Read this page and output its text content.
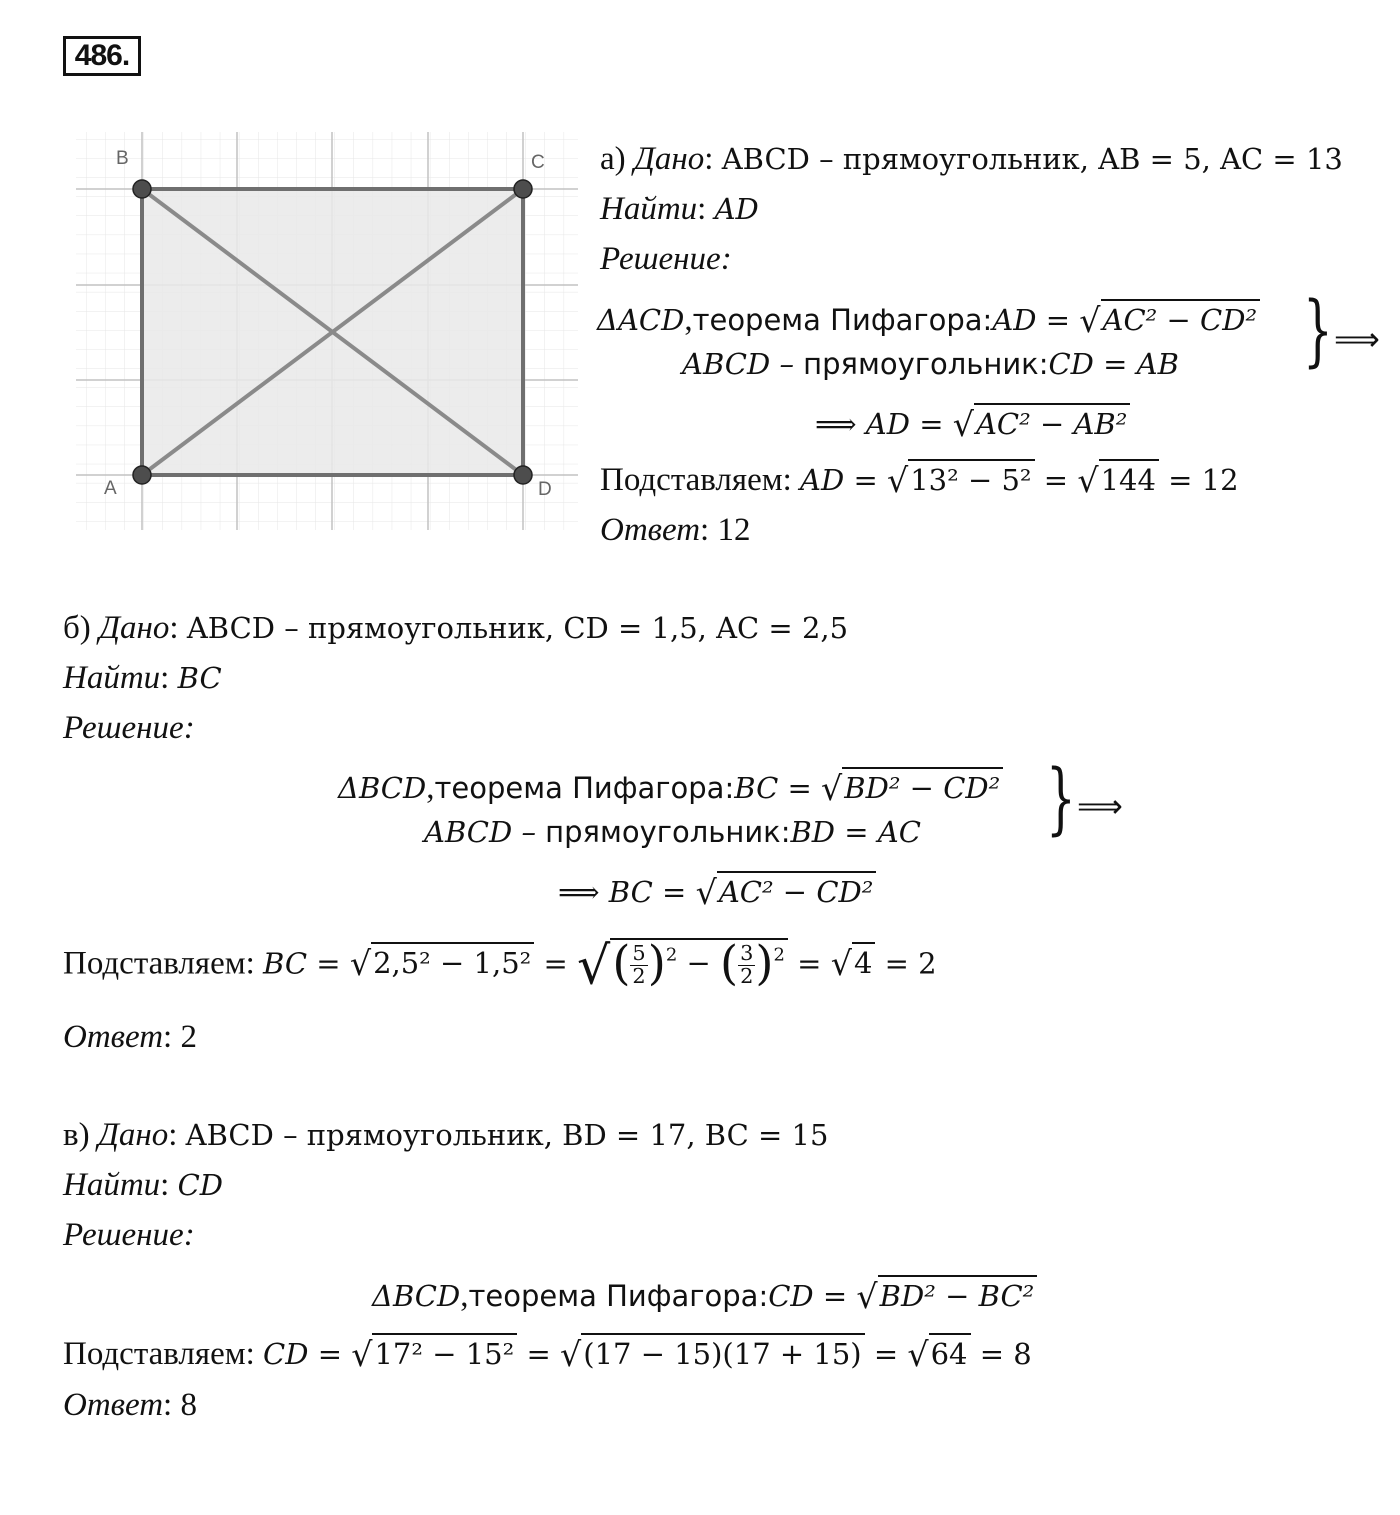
486.
B	C
A	D
а) Дано: ABCD – прямоугольник, AB = 5, AC = 13
Найти: AD
Решение:
ΔACD,теорема Пифагора:AD = √AC² − CD²
ABCD – прямоугольник:CD = AB } ⟹
⟹ AD = √AC² − AB²
Подставляем: AD = √13² − 5² = √144 = 12
Ответ: 12
б) Дано: ABCD – прямоугольник, CD = 1,5, AC = 2,5
Найти: BC
Решение:
ΔBCD,теорема Пифагора:BC = √BD² − CD²
ABCD – прямоугольник:BD = AC } ⟹
⟹ BC = √AC² − CD²
Подставляем: BC = √2,5² − 1,5² = √( $\frac{5}{2} )^2$ − ( $\frac{3}{2} )^2 = √4 = 2$
Ответ: 2
в) Дано: ABCD – прямоугольник, BD = 17, BC = 15
Найти: CD
Решение:
ΔBCD,теорема Пифагора:CD = √BD² − BC²
Подставляем: CD = √17² − 15² = √(17 − 15)(17 + 15) = √64 = 8
Ответ: 8
